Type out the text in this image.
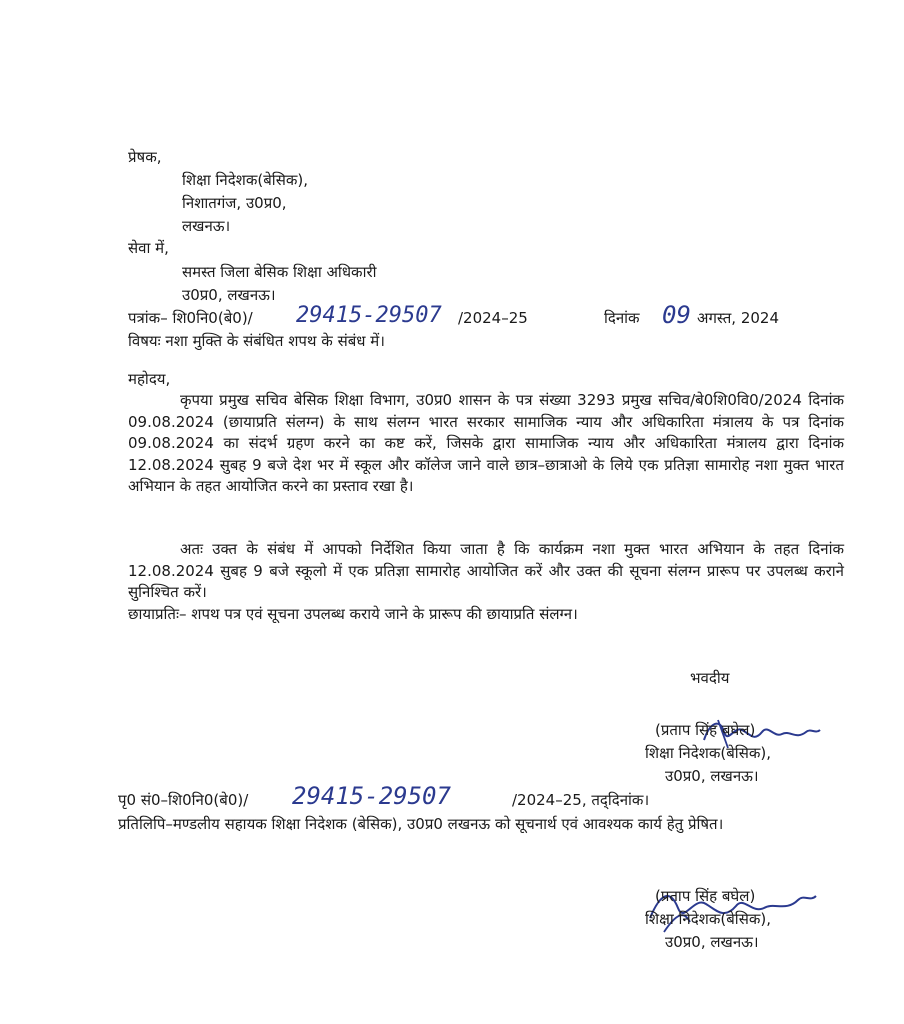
प्रेषक,
शिक्षा निदेशक(बेसिक),
निशातगंज, उ0प्र0,
लखनऊ।
सेवा में,
समस्त जिला बेसिक शिक्षा अधिकारी
उ0प्र0, लखनऊ।
पत्रांक– शि0नि0(बे0)/ 29415-29507 /2024–25	दिनांक 09 अगस्त, 2024
विषयः नशा मुक्ति के संबंधित शपथ के संबंध में।
महोदय,
कृपया प्रमुख सचिव बेसिक शिक्षा विभाग, उ0प्र0 शासन के पत्र संख्या 3293 प्रमुख सचिव/बे0शि0वि0/2024 दिनांक 09.08.2024 (छायाप्रति संलग्न) के साथ संलग्न भारत सरकार सामाजिक न्याय और अधिकारिता मंत्रालय के पत्र दिनांक 09.08.2024 का संदर्भ ग्रहण करने का कष्ट करें, जिसके द्वारा सामाजिक न्याय और अधिकारिता मंत्रालय द्वारा दिनांक 12.08.2024 सुबह 9 बजे देश भर में स्कूल और कॉलेज जाने वाले छात्र–छात्राओ के लिये एक प्रतिज्ञा सामारोह नशा मुक्त भारत अभियान के तहत आयोजित करने का प्रस्ताव रखा है।
अतः उक्त के संबंध में आपको निर्देशित किया जाता है कि कार्यक्रम नशा मुक्त भारत अभियान के तहत दिनांक 12.08.2024 सुबह 9 बजे स्कूलो में एक प्रतिज्ञा सामारोह आयोजित करें और उक्त की सूचना संलग्न प्रारूप पर उपलब्ध कराने सुनिश्चित करें।
छायाप्रतिः– शपथ पत्र एवं सूचना उपलब्ध कराये जाने के प्रारूप की छायाप्रति संलग्न।
भवदीय
(प्रताप सिंह बघेल)
शिक्षा निदेशक(बेसिक),
उ0प्र0, लखनऊ।
पृ0 सं0–शि0नि0(बे0)/ 29415-29507	/2024–25, तद्‌दिनांक।
प्रतिलिपि–मण्डलीय सहायक शिक्षा निदेशक (बेसिक), उ0प्र0 लखनऊ को सूचनार्थ एवं आवश्यक कार्य हेतु प्रेषित।
(प्रताप सिंह बघेल)
शिक्षा निदेशक(बेसिक),
उ0प्र0, लखनऊ।
